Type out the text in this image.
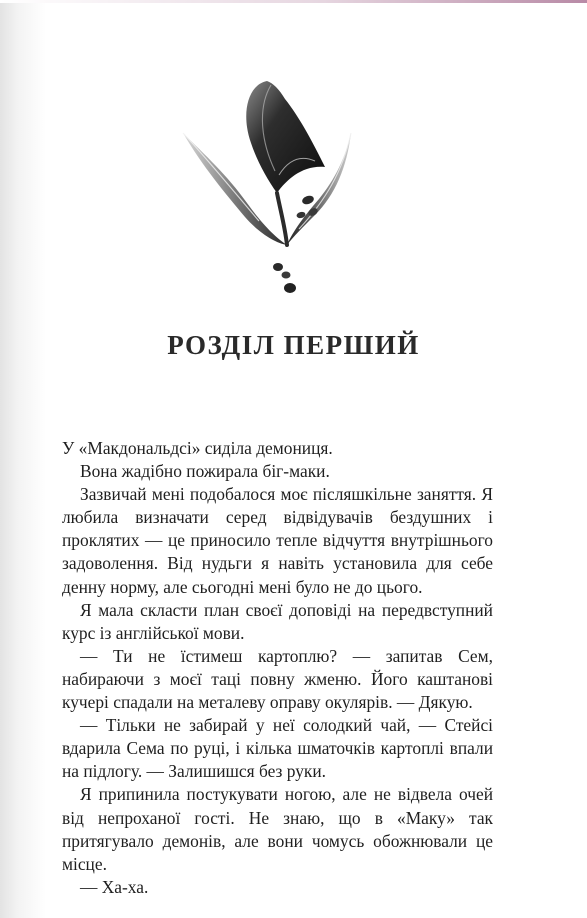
РОЗДІЛ ПЕРШИЙ

У «Макдональдсі» сиділа демониця.

Вона жадібно пожирала біг-маки.

Зазвичай мені подобалося моє післяшкільне заняття. Я любила визначати серед відвідувачів бездушних і проклятих — це приносило тепле відчуття внутрішнього задоволення. Від нудьги я навіть установила для себе денну норму, але сьогодні мені було не до цього.

Я мала скласти план своєї доповіді на передвступний курс із англійської мови.

— Ти не їстимеш картоплю? — запитав Сем, набираючи з моєї таці повну жменю. Його каштанові кучері спадали на металеву оправу окулярів. — Дякую.

— Тільки не забирай у неї солодкий чай, — Стейсі вдарила Сема по руці, і кілька шматочків картоплі впали на підлогу. — Залишишся без руки.

Я припинила постукувати ногою, але не відвела очей від непроханої гості. Не знаю, що в «Маку» так притягувало демонів, але вони чомусь обожнювали це місце.

— Ха-ха.
